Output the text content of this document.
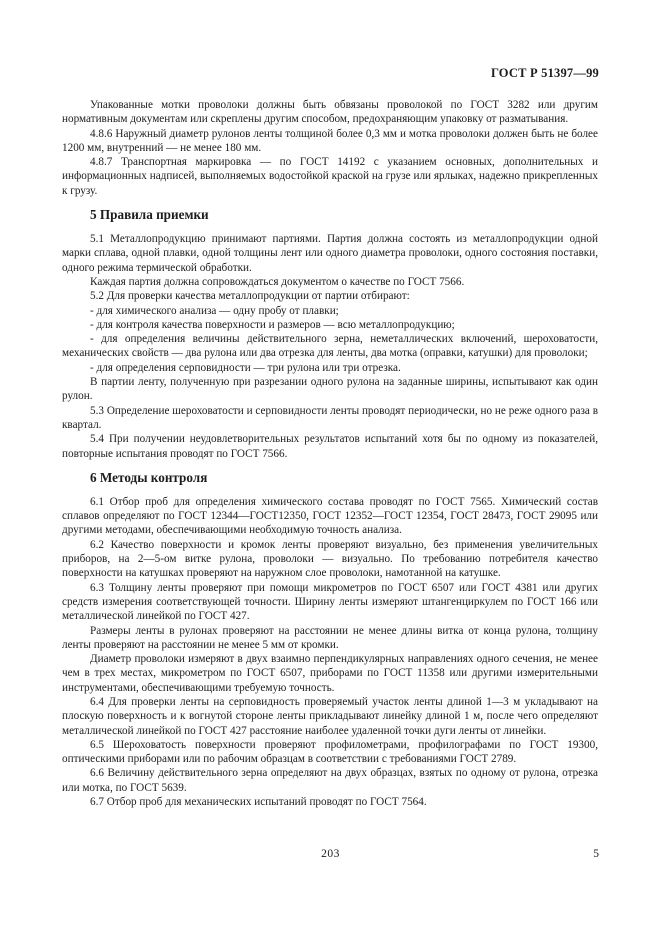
ГОСТ Р 51397—99

Упакованные мотки проволоки должны быть обвязаны проволокой по ГОСТ 3282 или другим нормативным документам или скреплены другим способом, предохраняющим упаковку от разматывания.

4.8.6 Наружный диаметр рулонов ленты толщиной более 0,3 мм и мотка проволоки должен быть не более 1200 мм, внутренний — не менее 180 мм.

4.8.7 Транспортная маркировка — по ГОСТ 14192 с указанием основных, дополнительных и информационных надписей, выполняемых водостойкой краской на грузе или ярлыках, надежно прикрепленных к грузу.

5 Правила приемки

5.1 Металлопродукцию принимают партиями. Партия должна состоять из металлопродукции одной марки сплава, одной плавки, одной толщины лент или одного диаметра проволоки, одного состояния поставки, одного режима термической обработки.

Каждая партия должна сопровождаться документом о качестве по ГОСТ 7566.

5.2 Для проверки качества металлопродукции от партии отбирают:

- для химического анализа — одну пробу от плавки;

- для контроля качества поверхности и размеров — всю металлопродукцию;

- для определения величины действительного зерна, неметаллических включений, шероховатости, механических свойств — два рулона или два отрезка для ленты, два мотка (оправки, катушки) для проволоки;

- для определения серповидности — три рулона или три отрезка.

В партии ленту, полученную при разрезании одного рулона на заданные ширины, испытывают как один рулон.

5.3 Определение шероховатости и серповидности ленты проводят периодически, но не реже одного раза в квартал.

5.4 При получении неудовлетворительных результатов испытаний хотя бы по одному из показателей, повторные испытания проводят по ГОСТ 7566.

6 Методы контроля

6.1 Отбор проб для определения химического состава проводят по ГОСТ 7565. Химический состав сплавов определяют по ГОСТ 12344—ГОСТ12350, ГОСТ 12352—ГОСТ 12354, ГОСТ 28473, ГОСТ 29095 или другими методами, обеспечивающими необходимую точность анализа.

6.2 Качество поверхности и кромок ленты проверяют визуально, без применения увеличительных приборов, на 2—5-ом витке рулона, проволоки — визуально. По требованию потребителя качество поверхности на катушках проверяют на наружном слое проволоки, намотанной на катушке.

6.3 Толщину ленты проверяют при помощи микрометров по ГОСТ 6507 или ГОСТ 4381 или других средств измерения соответствующей точности. Ширину ленты измеряют штангенциркулем по ГОСТ 166 или металлической линейкой по ГОСТ 427.

Размеры ленты в рулонах проверяют на расстоянии не менее длины витка от конца рулона, толщину ленты проверяют на расстоянии не менее 5 мм от кромки.

Диаметр проволоки измеряют в двух взаимно перпендикулярных направлениях одного сечения, не менее чем в трех местах, микрометром по ГОСТ 6507, приборами по ГОСТ 11358 или другими измерительными инструментами, обеспечивающими требуемую точность.

6.4 Для проверки ленты на серповидность проверяемый участок ленты длиной 1—3 м укладывают на плоскую поверхность и к вогнутой стороне ленты прикладывают линейку длиной 1 м, после чего определяют металлической линейкой по ГОСТ 427 расстояние наиболее удаленной точки дуги ленты от линейки.

6.5 Шероховатость поверхности проверяют профилометрами, профилографами по ГОСТ 19300, оптическими приборами или по рабочим образцам в соответствии с требованиями ГОСТ 2789.

6.6 Величину действительного зерна определяют на двух образцах, взятых по одному от рулона, отрезка или мотка, по ГОСТ 5639.

6.7 Отбор проб для механических испытаний проводят по ГОСТ 7564.

203	5
